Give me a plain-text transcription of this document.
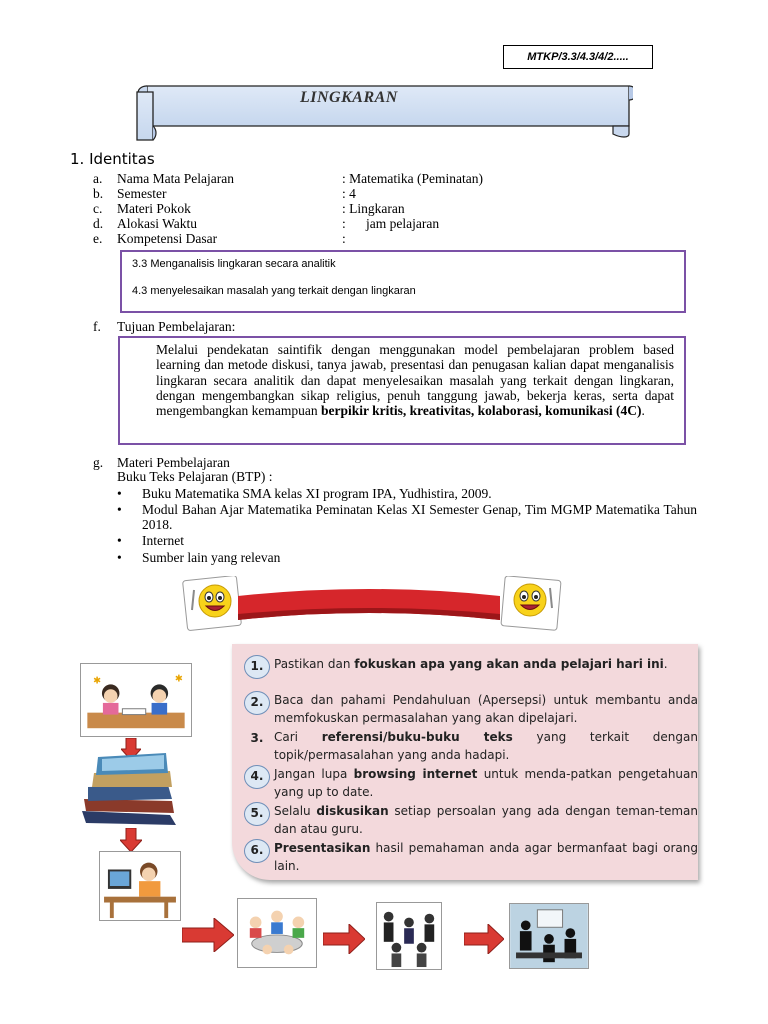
MTKP/3.3/4.3/4/2.....
LINGKARAN
1. Identitas
a. Nama Mata Pelajaran	: Matematika (Peminatan)
b. Semester	: 4
c. Materi Pokok	: Lingkaran
d. Alokasi Waktu	:      jam pelajaran
e. Kompetensi Dasar	:

3.3 Menganalisis lingkaran secara analitik

4.3 menyelesaikan masalah yang terkait dengan lingkaran

f. Tujuan Pembelajaran:
Melalui pendekatan saintifik dengan menggunakan model pembelajaran problem based learning dan metode diskusi, tanya jawab, presentasi dan penugasan kalian dapat menganalisis lingkaran secara analitik dan dapat menyelesaikan masalah yang terkait dengan lingkaran, dengan mengembangkan sikap religius, penuh tanggung jawab, bekerja keras, serta dapat mengembangkan kemampuan berpikir kritis, kreativitas, kolaborasi, komunikasi (4C).
g. Materi Pembelajaran
Buku Teks Pelajaran (BTP) :
• Buku Matematika SMA kelas XI program IPA, Yudhistira, 2009.
• Modul Bahan Ajar Matematika Peminatan Kelas XI Semester Genap, Tim MGMP Matematika Tahun 2018.
• Internet
• Sumber lain yang relevan
✱	✱
1. Pastikan dan fokuskan apa yang akan anda pelajari hari ini.
2. Baca dan pahami Pendahuluan (Apersepsi) untuk membantu anda memfokuskan permasalahan yang akan dipelajari.
3. Cari referensi/buku-buku teks yang terkait dengan topik/permasalahan yang anda hadapi.
4. Jangan lupa browsing internet untuk menda-patkan pengetahuan yang up to date.
5. Selalu diskusikan setiap persoalan yang ada dengan teman-teman dan atau guru.
6. Presentasikan hasil pemahaman anda agar bermanfaat bagi orang lain.
